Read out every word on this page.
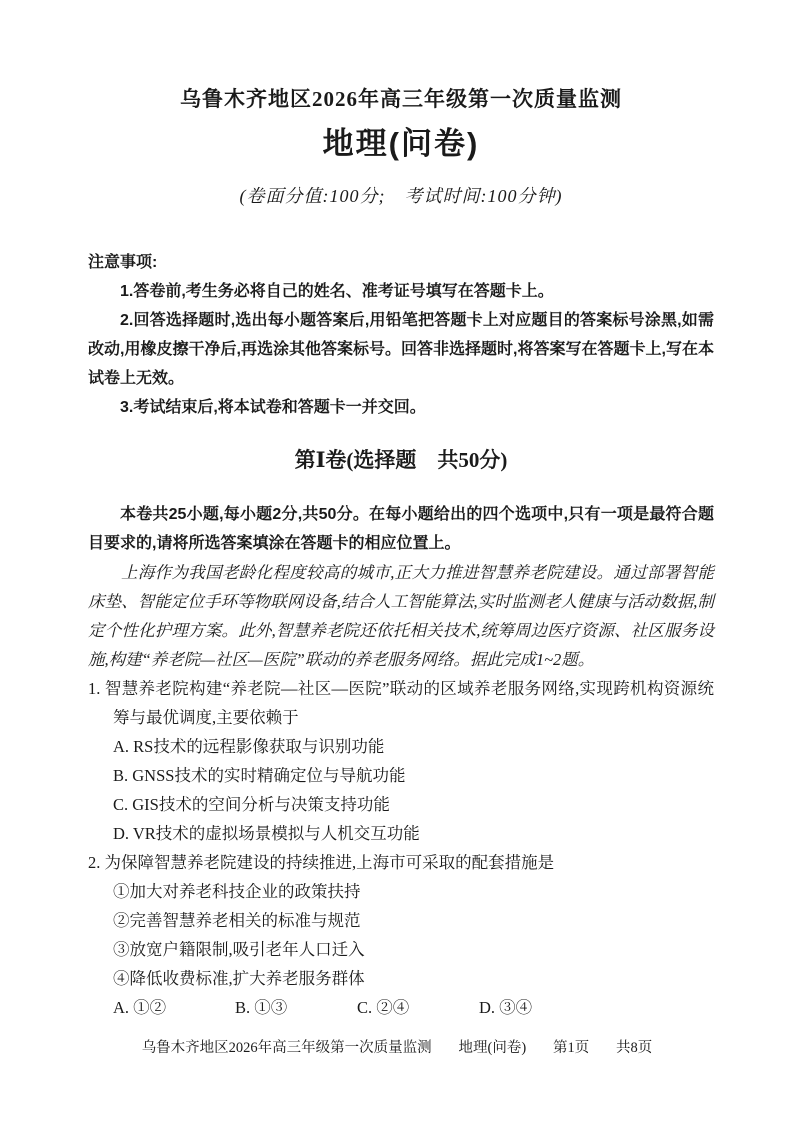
乌鲁木齐地区2026年高三年级第一次质量监测
地理(问卷)
(卷面分值:100分;　考试时间:100分钟)
注意事项:
1.答卷前,考生务必将自己的姓名、准考证号填写在答题卡上。
2.回答选择题时,选出每小题答案后,用铅笔把答题卡上对应题目的答案标号涂黑,如需改动,用橡皮擦干净后,再选涂其他答案标号。回答非选择题时,将答案写在答题卡上,写在本试卷上无效。
3.考试结束后,将本试卷和答题卡一并交回。
第Ⅰ卷(选择题　共50分)
本卷共25小题,每小题2分,共50分。在每小题给出的四个选项中,只有一项是最符合题目要求的,请将所选答案填涂在答题卡的相应位置上。
上海作为我国老龄化程度较高的城市,正大力推进智慧养老院建设。通过部署智能床垫、智能定位手环等物联网设备,结合人工智能算法,实时监测老人健康与活动数据,制定个性化护理方案。此外,智慧养老院还依托相关技术,统筹周边医疗资源、社区服务设施,构建“养老院—社区—医院”联动的养老服务网络。据此完成1~2题。
1. 智慧养老院构建“养老院—社区—医院”联动的区域养老服务网络,实现跨机构资源统筹与最优调度,主要依赖于
A. RS技术的远程影像获取与识别功能
B. GNSS技术的实时精确定位与导航功能
C. GIS技术的空间分析与决策支持功能
D. VR技术的虚拟场景模拟与人机交互功能
2. 为保障智慧养老院建设的持续推进,上海市可采取的配套措施是
①加大对养老科技企业的政策扶持
②完善智慧养老相关的标准与规范
③放宽户籍限制,吸引老年人口迁入
④降低收费标准,扩大养老服务群体
A. ①②	B. ①③	C. ②④	D. ③④
乌鲁木齐地区2026年高三年级第一次质量监测 地理(问卷) 第1页 共8页
